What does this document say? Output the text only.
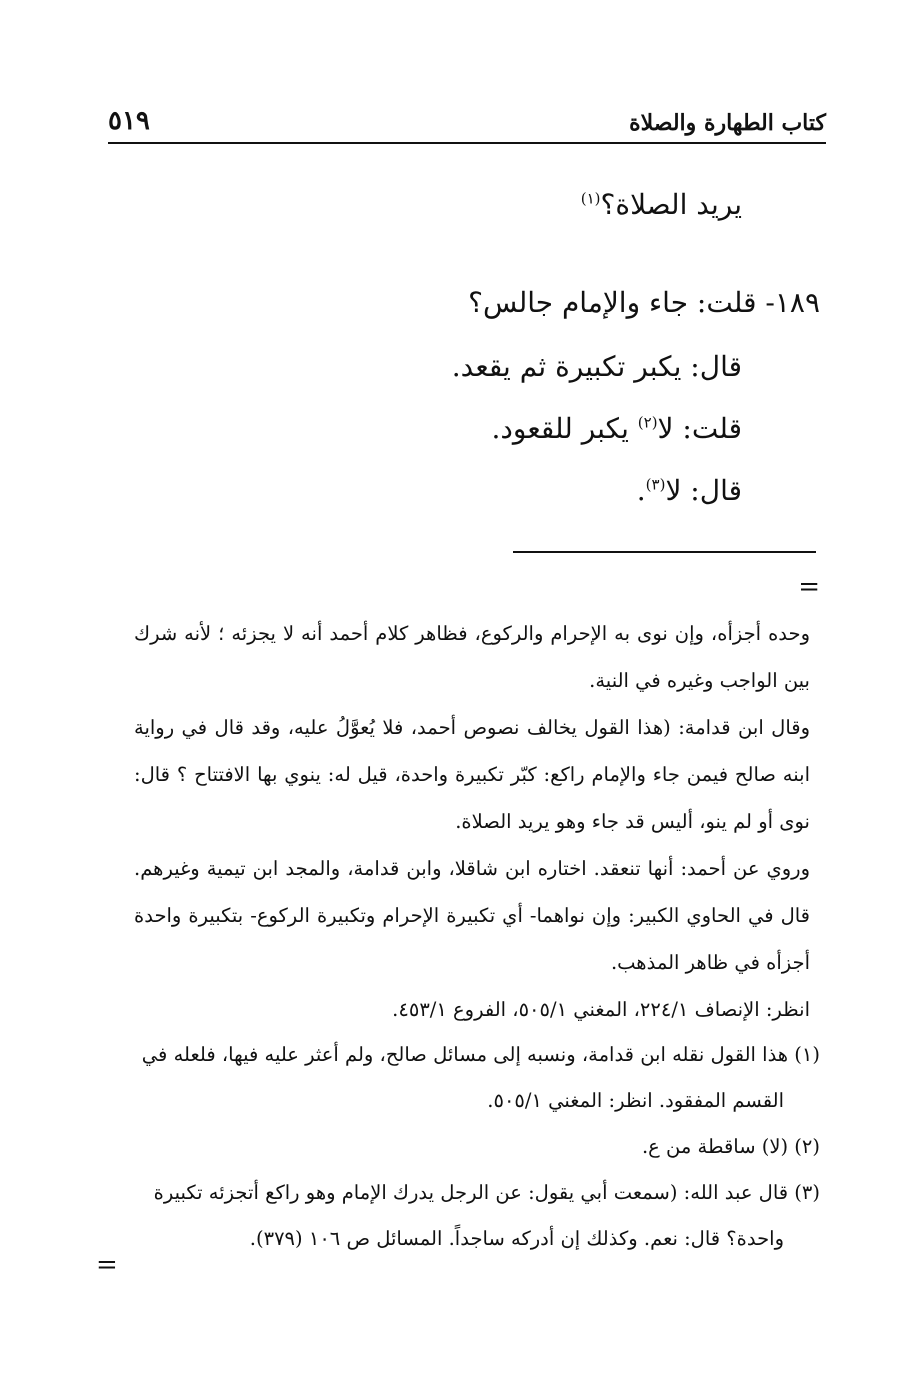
كتاب الطهارة والصلاة
٥١٩
يريد الصلاة؟$^{(١)}$
١٨٩- قلت: جاء والإمام جالس؟
قال: يكبر تكبيرة ثم يقعد.
قلت: لا$^{(٢)}$ يكبر للقعود.
قال: لا$^{(٣)}$.
=

وحده أجزأه، وإن نوى به الإحرام والركوع، فظاهر كلام أحمد أنه لا يجزئه ؛ لأنه شرك بين الواجب وغيره في النية.

وقال ابن قدامة: (هذا القول يخالف نصوص أحمد، فلا يُعوَّلُ عليه، وقد قال في رواية ابنه صالح فيمن جاء والإمام راكع: كبّر تكبيرة واحدة، قيل له: ينوي بها الافتتاح ؟ قال: نوى أو لم ينو، أليس قد جاء وهو يريد الصلاة.

وروي عن أحمد: أنها تنعقد. اختاره ابن شاقلا، وابن قدامة، والمجد ابن تيمية وغيرهم. قال في الحاوي الكبير: وإن نواهما- أي تكبيرة الإحرام وتكبيرة الركوع- بتكبيرة واحدة أجزأه في ظاهر المذهب.

انظر: الإنصاف ٢٢٤/١، المغني ٥٠٥/١، الفروع ٤٥٣/١.

(١) هذا القول نقله ابن قدامة، ونسبه إلى مسائل صالح، ولم أعثر عليه فيها، فلعله في

القسم المفقود. انظر: المغني ٥٠٥/١.

(٢) (لا) ساقطة من ع.

(٣) قال عبد الله: (سمعت أبي يقول: عن الرجل يدرك الإمام وهو راكع أتجزئه تكبيرة

واحدة؟ قال: نعم. وكذلك إن أدركه ساجداً. المسائل ص ١٠٦ (٣٧٩).

=
